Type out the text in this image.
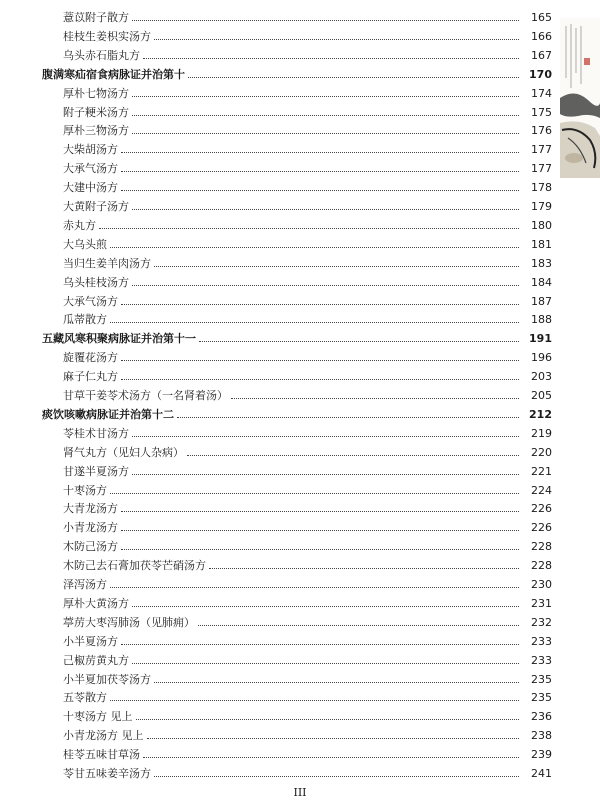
薏苡附子散方	165
桂枝生姜枳实汤方	166
乌头赤石脂丸方	167
腹满寒疝宿食病脉证并治第十	170
厚朴七物汤方	174
附子粳米汤方	175
厚朴三物汤方	176
大柴胡汤方	177
大承气汤方	177
大建中汤方	178
大黄附子汤方	179
赤丸方	180
大乌头煎	181
当归生姜羊肉汤方	183
乌头桂枝汤方	184
大承气汤方	187
瓜蒂散方	188
五藏风寒积聚病脉证并治第十一	191
旋覆花汤方	196
麻子仁丸方	203
甘草干姜苓术汤方（一名肾着汤）	205
痰饮咳嗽病脉证并治第十二	212
苓桂术甘汤方	219
肾气丸方（见妇人杂病）	220
甘遂半夏汤方	221
十枣汤方	224
大青龙汤方	226
小青龙汤方	226
木防己汤方	228
木防己去石膏加茯苓芒硝汤方	228
泽泻汤方	230
厚朴大黄汤方	231
葶苈大枣泻肺汤（见肺痈）	232
小半夏汤方	233
己椒苈黄丸方	233
小半夏加茯苓汤方	235
五苓散方	235
十枣汤方 见上	236
小青龙汤方 见上	238
桂苓五味甘草汤	239
苓甘五味姜辛汤方	241
III
